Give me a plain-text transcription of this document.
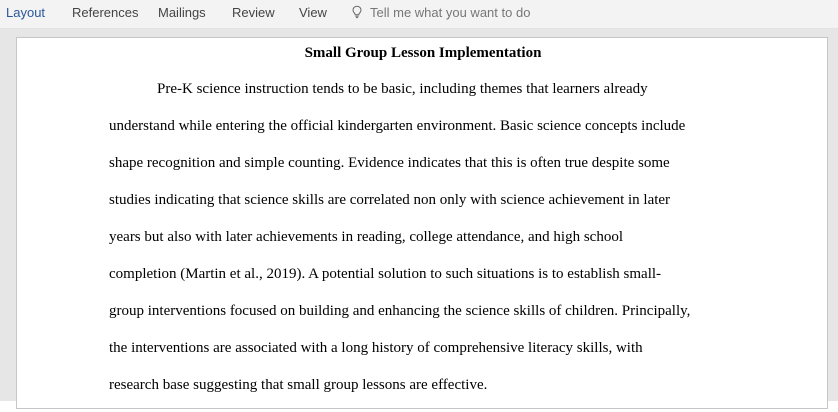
Layout References Mailings Review View	Tell me what you want to do
Small Group Lesson Implementation
Pre-K science instruction tends to be basic, including themes that learners already
understand while entering the official kindergarten environment. Basic science concepts include
shape recognition and simple counting. Evidence indicates that this is often true despite some
studies indicating that science skills are correlated non only with science achievement in later
years but also with later achievements in reading, college attendance, and high school
completion (Martin et al., 2019). A potential solution to such situations is to establish small-
group interventions focused on building and enhancing the science skills of children. Principally,
the interventions are associated with a long history of comprehensive literacy skills, with
research base suggesting that small group lessons are effective.
